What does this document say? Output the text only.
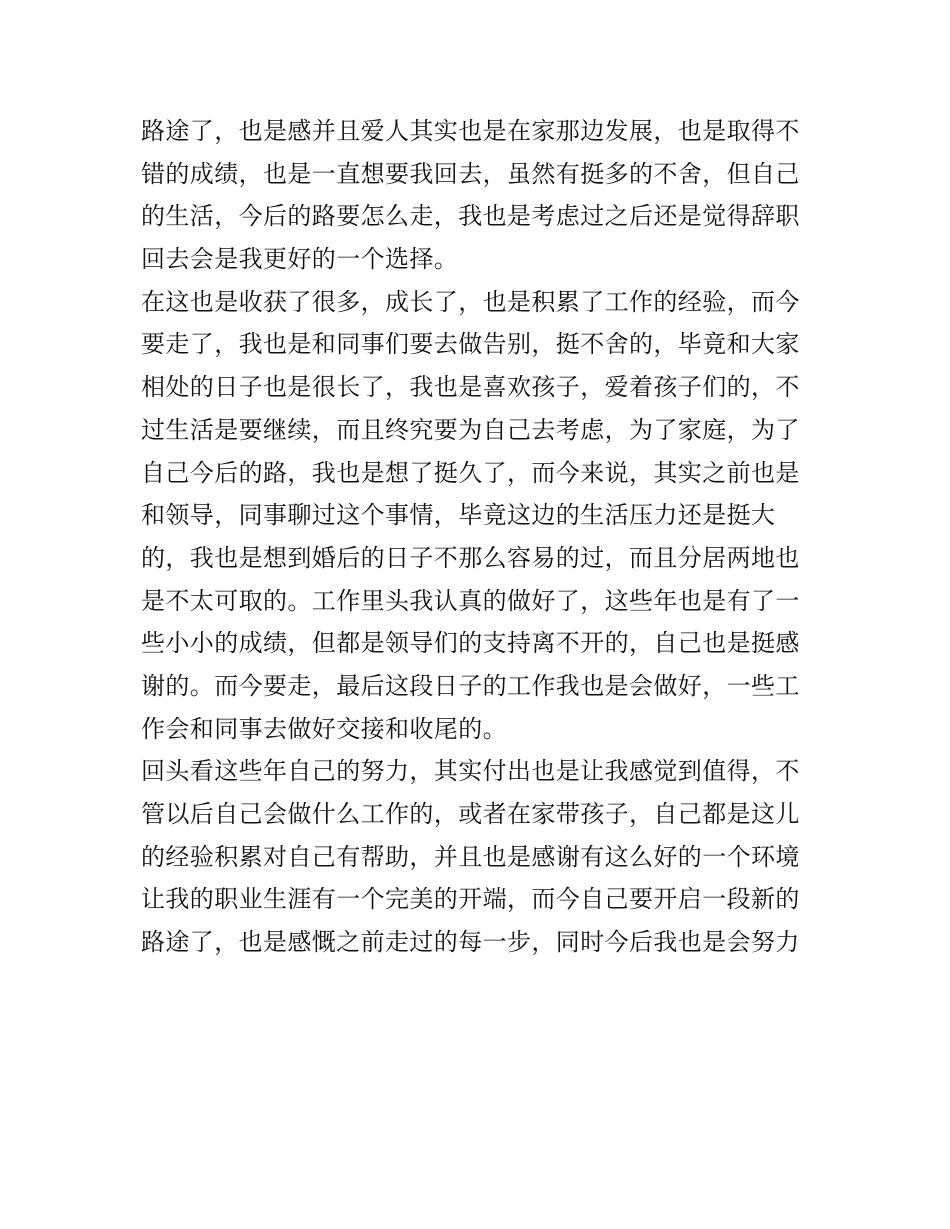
路途了，也是感并且爱人其实也是在家那边发展，也是取得不
错的成绩，也是一直想要我回去，虽然有挺多的不舍，但自己
的生活，今后的路要怎么走，我也是考虑过之后还是觉得辞职
回去会是我更好的一个选择。
在这也是收获了很多，成长了，也是积累了工作的经验，而今
要走了，我也是和同事们要去做告别，挺不舍的，毕竟和大家
相处的日子也是很长了，我也是喜欢孩子，爱着孩子们的，不
过生活是要继续，而且终究要为自己去考虑，为了家庭，为了
自己今后的路，我也是想了挺久了，而今来说，其实之前也是
和领导，同事聊过这个事情，毕竟这边的生活压力还是挺大
的，我也是想到婚后的日子不那么容易的过，而且分居两地也
是不太可取的。工作里头我认真的做好了，这些年也是有了一
些小小的成绩，但都是领导们的支持离不开的，自己也是挺感
谢的。而今要走，最后这段日子的工作我也是会做好，一些工
作会和同事去做好交接和收尾的。
回头看这些年自己的努力，其实付出也是让我感觉到值得，不
管以后自己会做什么工作的，或者在家带孩子，自己都是这儿
的经验积累对自己有帮助，并且也是感谢有这么好的一个环境
让我的职业生涯有一个完美的开端，而今自己要开启一段新的
路途了，也是感慨之前走过的每一步，同时今后我也是会努力
